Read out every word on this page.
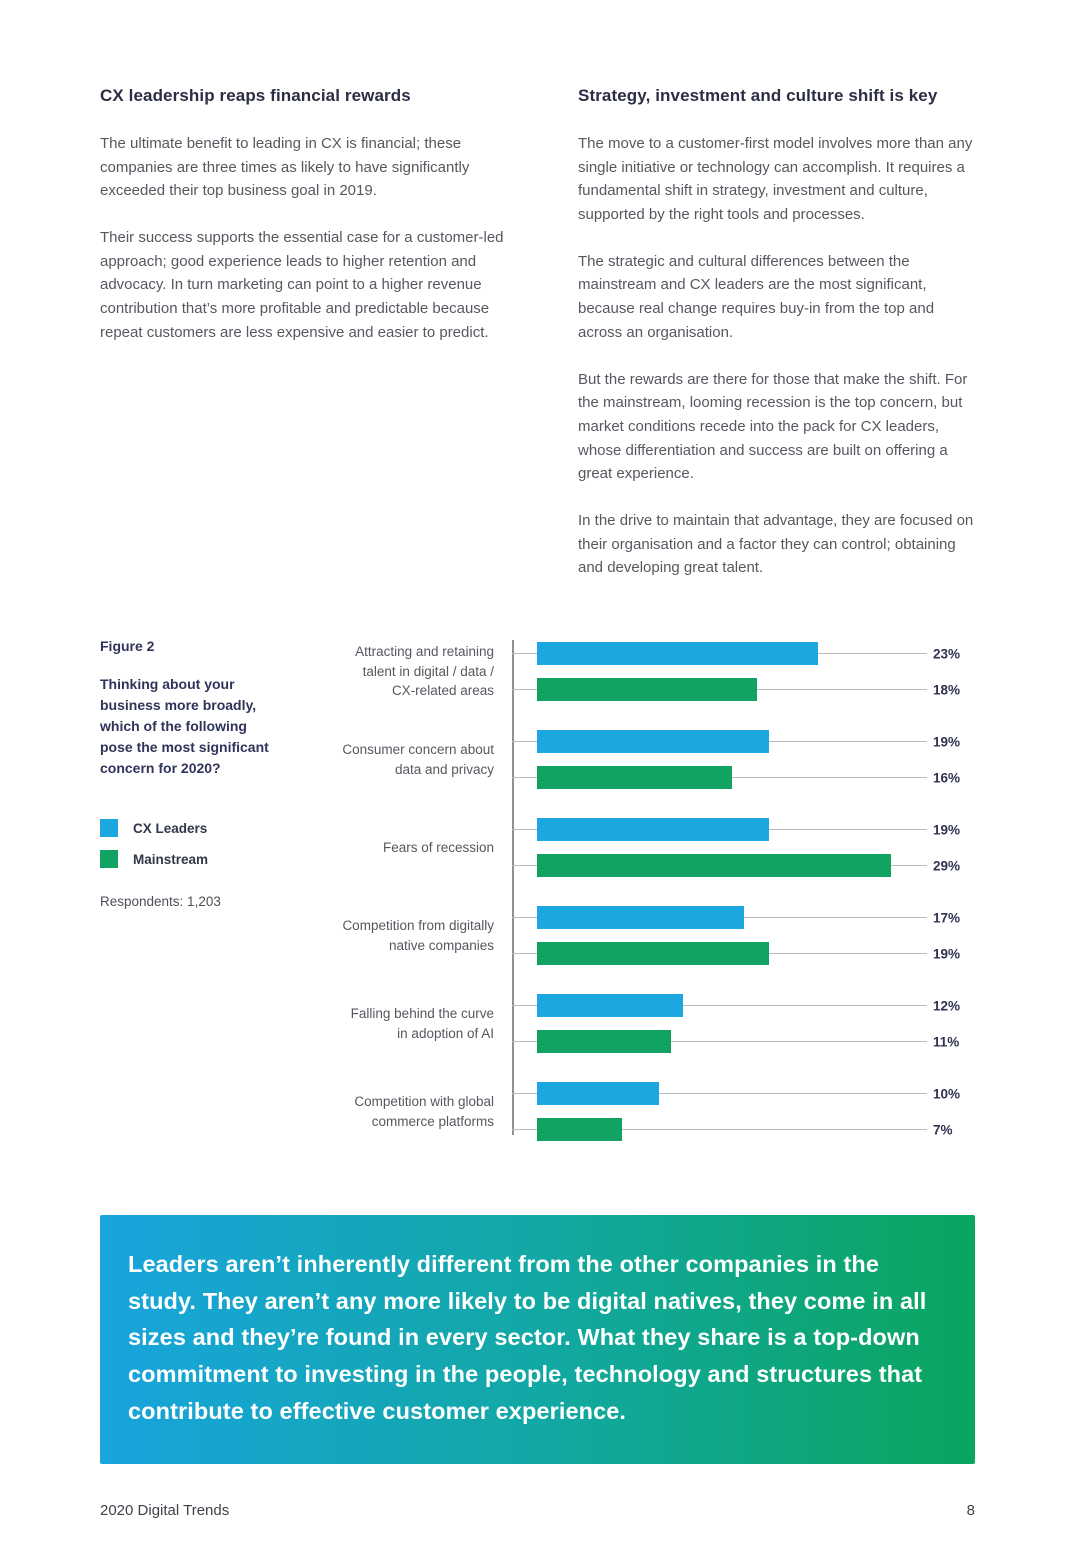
CX leadership reaps financial rewards

The ultimate benefit to leading in CX is financial; these companies are three times as likely to have significantly exceeded their top business goal in 2019.

Their success supports the essential case for a customer-led approach; good experience leads to higher retention and advocacy. In turn marketing can point to a higher revenue contribution that’s more profitable and predictable because repeat customers are less expensive and easier to predict.

Strategy, investment and culture shift is key

The move to a customer-first model involves more than any single initiative or technology can accomplish. It requires a fundamental shift in strategy, investment and culture, supported by the right tools and processes.

The strategic and cultural differences between the mainstream and CX leaders are the most significant, because real change requires buy-in from the top and across an organisation.

But the rewards are there for those that make the shift. For the mainstream, looming recession is the top concern, but market conditions recede into the pack for CX leaders, whose differentiation and success are built on offering a great experience.

In the drive to maintain that advantage, they are focused on their organisation and a factor they can control; obtaining and developing great talent.

Figure 2
Thinking about your business more broadly, which of the following pose the most significant concern for 2020?
CX Leaders
Mainstream
Respondents: 1,203
Attracting and retaining talent in digital / data / CX-related areas
23%
18%
Consumer concern about data and privacy
19%
16%
Fears of recession
19%
29%
Competition from digitally native companies
17%
19%
Falling behind the curve in adoption of AI
12%
11%
Competition with global commerce platforms
10%
7%
Leaders aren’t inherently different from the other companies in the study. They aren’t any more likely to be digital natives, they come in all sizes and they’re found in every sector. What they share is a top-down commitment to investing in the people, technology and structures that contribute to effective customer experience.
2020 Digital Trends	8
